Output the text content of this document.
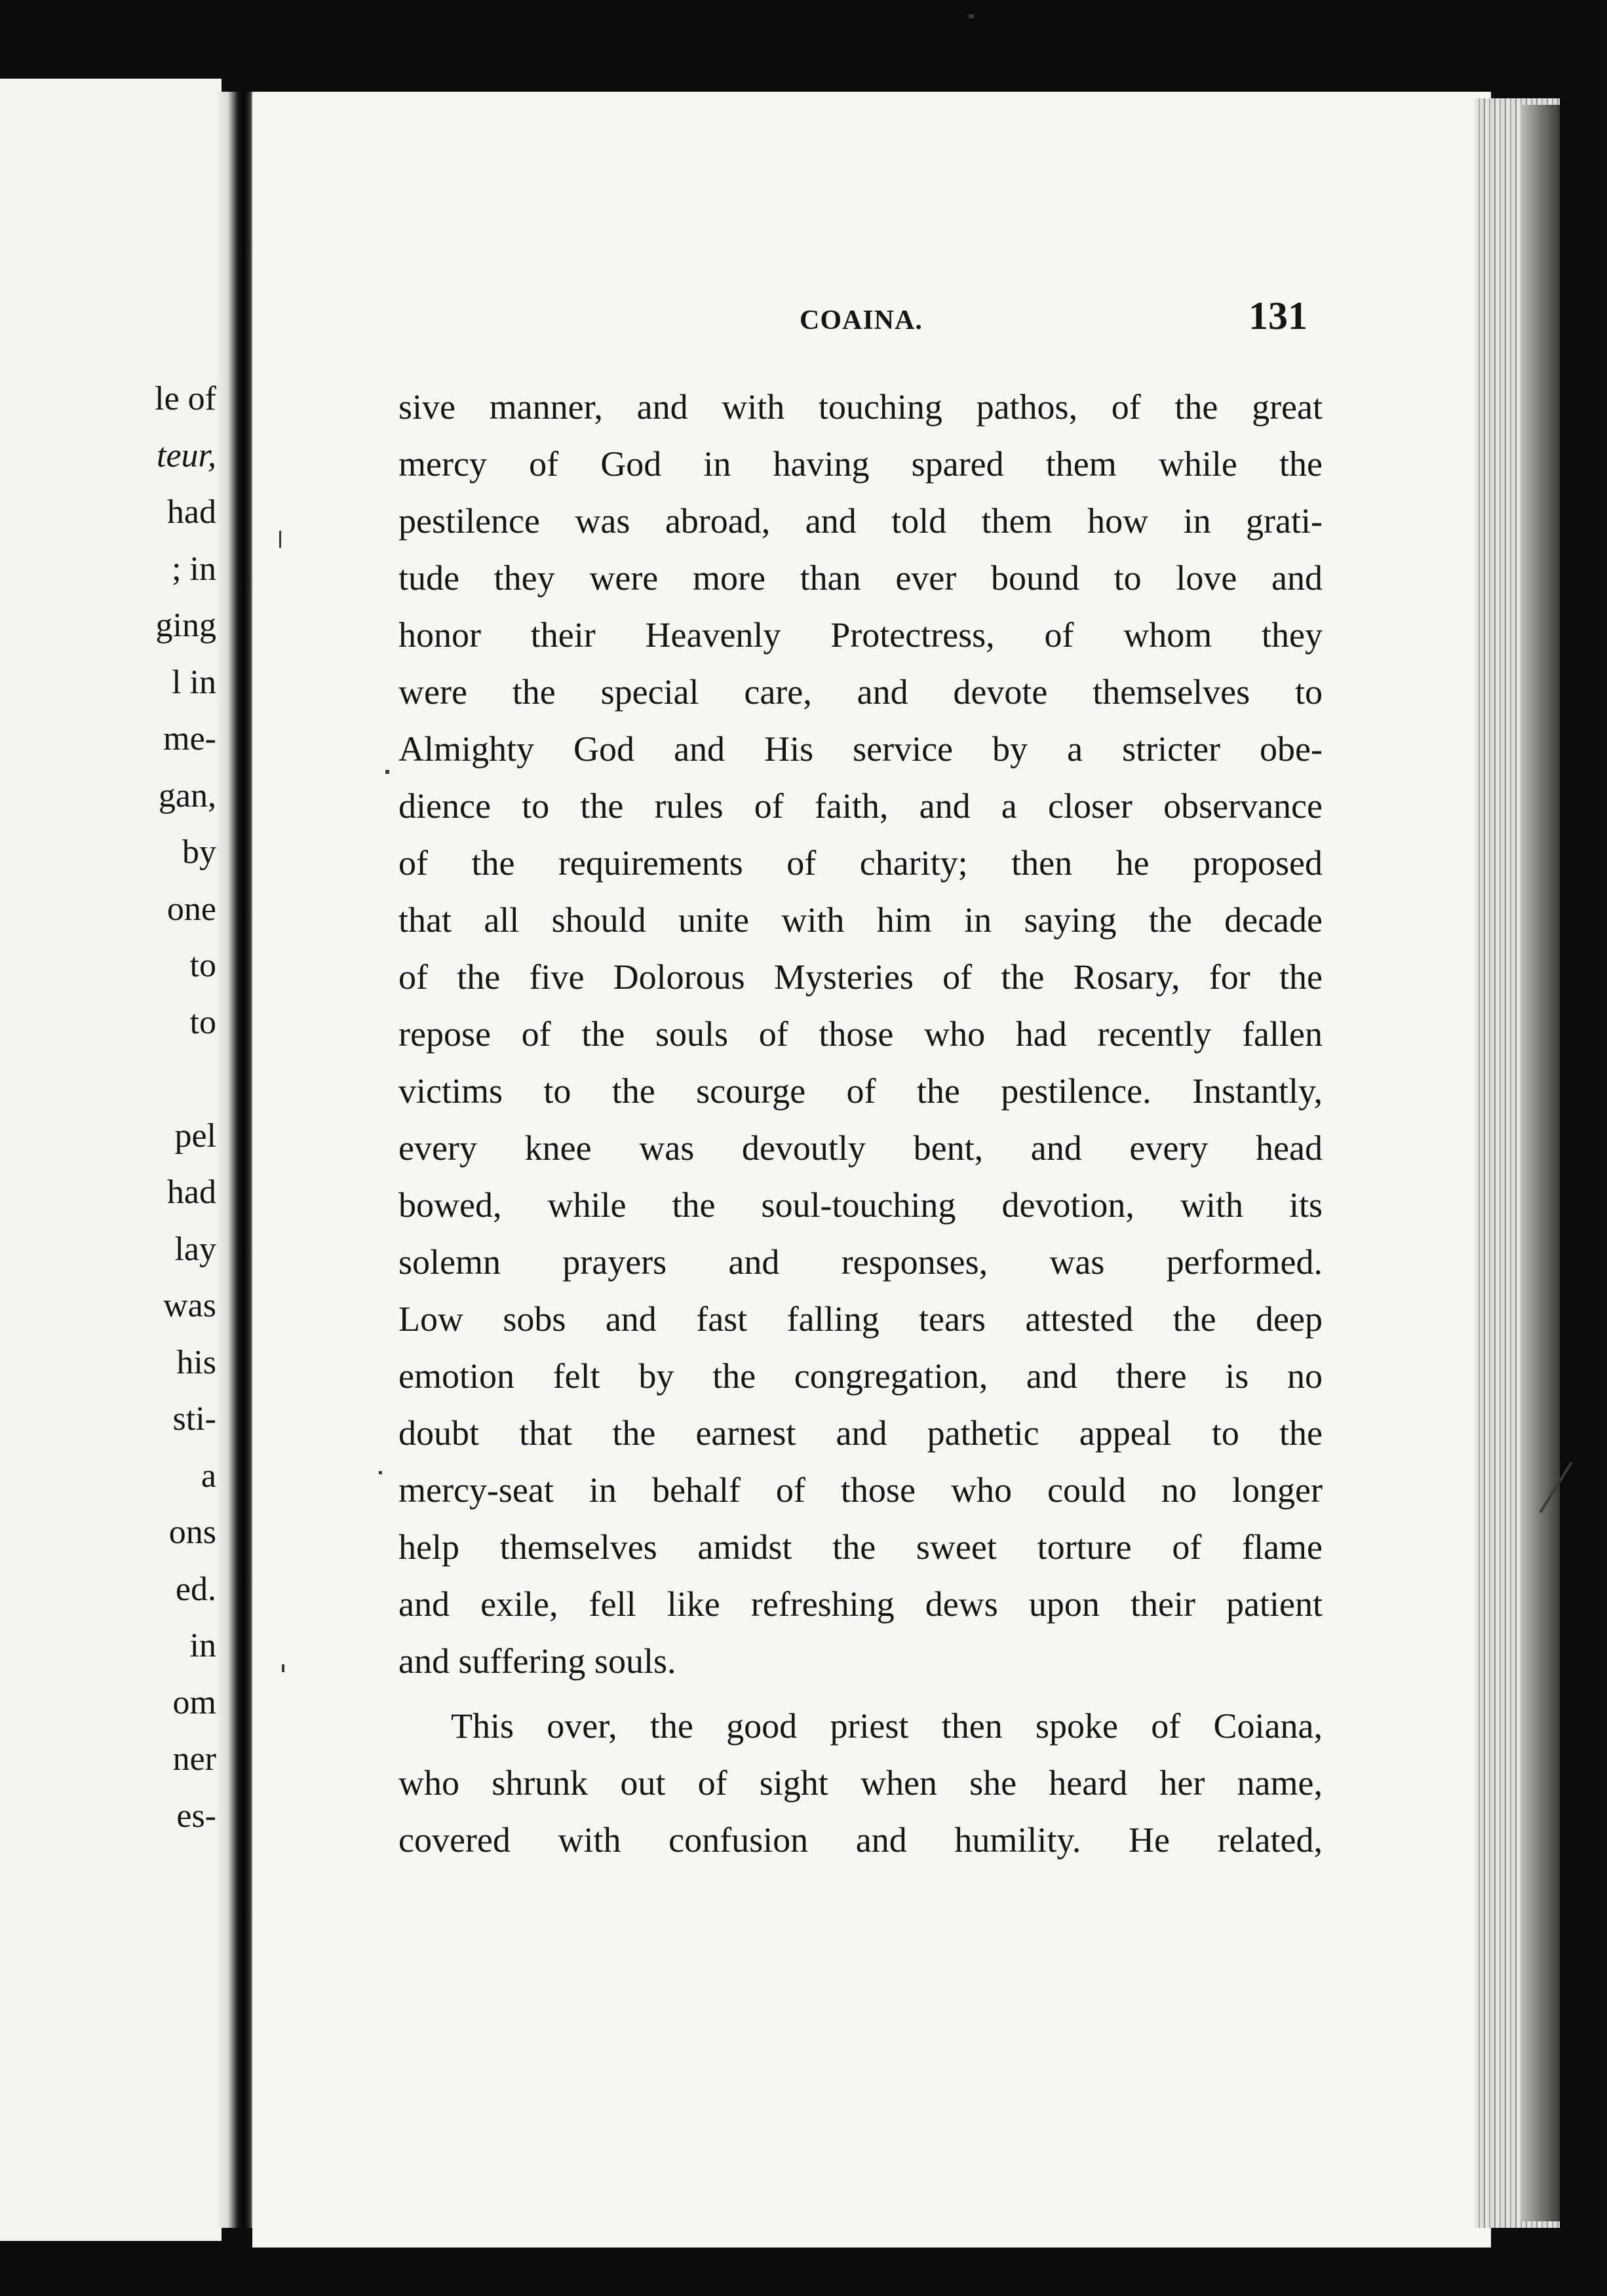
le of
teur,
had
; in
ging
l in
me-
gan,
by
one
to
to
pel
had
lay
was
his
sti-
a
ons
ed.
in
om
ner
es-
COAINA.	131
sive manner, and with touching pathos, of the great
mercy of God in having spared them while the
pestilence was abroad, and told them how in grati-
tude they were more than ever bound to love and
honor their Heavenly Protectress, of whom they
were the special care, and devote themselves to
Almighty God and His service by a stricter obe-
dience to the rules of faith, and a closer observance
of the requirements of charity; then he proposed
that all should unite with him in saying the decade
of the five Dolorous Mysteries of the Rosary, for the
repose of the souls of those who had recently fallen
victims to the scourge of the pestilence. Instantly,
every knee was devoutly bent, and every head
bowed, while the soul-touching devotion, with its
solemn prayers and responses, was performed.
Low sobs and fast falling tears attested the deep
emotion felt by the congregation, and there is no
doubt that the earnest and pathetic appeal to the
mercy-seat in behalf of those who could no longer
help themselves amidst the sweet torture of flame
and exile, fell like refreshing dews upon their patient
and suffering souls.
This over, the good priest then spoke of Coiana,
who shrunk out of sight when she heard her name,
covered with confusion and humility. He related,
